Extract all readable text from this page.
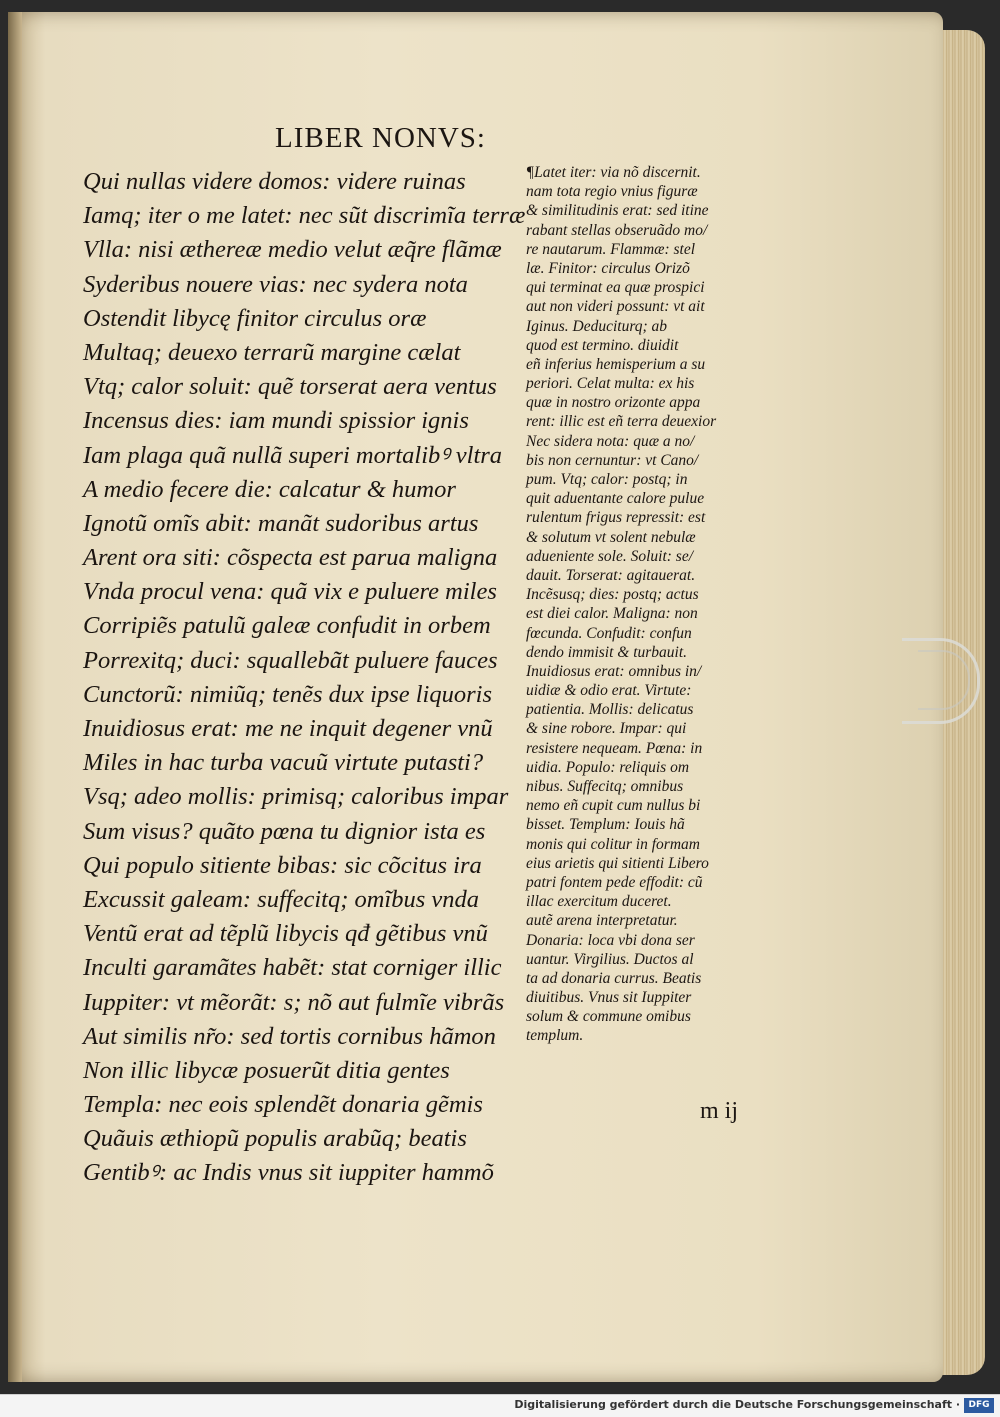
LIBER NONVS:
Qui nullas videre domos: videre ruinas
Iamq; iter o me latet: nec sũt discrimĩa terræ
Vlla: nisi æthereæ medio velut æq̃re flãmæ
Syderibus nouere vias: nec sydera nota
Ostendit libycę finitor circulus oræ
Multaq; deuexo terrarũ margine cælat
Vtq; calor soluit: quẽ torserat aera ventus
Incensus dies: iam mundi spissior ignis
Iam plaga quã nullã superi mortalibꝰ vltra
A medio fecere die: calcatur & humor
Ignotũ omĩs abit: manãt sudoribus artus
Arent ora siti: cõspecta est parua maligna
Vnda procul vena: quã vix e puluere miles
Corripiẽs patulũ galeæ confudit in orbem
Porrexitq; duci: squallebãt puluere fauces
Cunctorũ: nimiũq; tenẽs dux ipse liquoris
Inuidiosus erat: me ne inquit degener vnũ
Miles in hac turba vacuũ virtute putasti?
Vsq; adeo mollis: primisq; caloribus impar
Sum visus? quãto pœna tu dignior ista es
Qui populo sitiente bibas: sic cõcitus ira
Excussit galeam: suffecitq; omĩbus vnda
Ventũ erat ad tẽplũ libycis qđ gẽtibus vnũ
Inculti garamãtes habẽt: stat corniger illic
Iuppiter: vt mẽorãt: s; nõ aut fulmĩe vibrãs
Aut similis nr̃o: sed tortis cornibus hãmon
Non illic libycæ posuerũt ditia gentes
Templa: nec eois splendẽt donaria gẽmis
Quãuis æthiopũ populis arabũq; beatis
Gentibꝰ: ac Indis vnus sit iuppiter hammõ
¶Latet iter: via nõ discernit.
nam tota regio vnius figuræ
& similitudinis erat: sed itine
rabant stellas obseruãdo mo/
re nautarum. Flammæ: stel
læ. Finitor: circulus Orizõ
qui terminat ea quæ prospici
aut non videri possunt: vt ait
Iginus. Deduciturq; ab
quod est termino. diuidit
eñ inferius hemisperium a su
periori. Celat multa: ex his
quæ in nostro orizonte appa
rent: illic est eñ terra deuexior
Nec sidera nota: quæ a no/
bis non cernuntur: vt Cano/
pum. Vtq; calor: postq; in
quit aduentante calore pulue
rulentum frigus repressit: est
& solutum vt solent nebulæ
adueniente sole. Soluit: se/
dauit. Torserat: agitauerat.
Incẽsusq; dies: postq; actus
est diei calor. Maligna: non
fœcunda. Confudit: confun
dendo immisit & turbauit.
Inuidiosus erat: omnibus in/
uidiæ & odio erat. Virtute:
patientia. Mollis: delicatus
& sine robore. Impar: qui
resistere nequeam. Pœna: in
uidia. Populo: reliquis om
nibus. Suffecitq; omnibus
nemo eñ cupit cum nullus bi
bisset. Templum: Iouis hã
monis qui colitur in formam
eius arietis qui sitienti Libero
patri fontem pede effodit: cũ
illac exercitum duceret.
autẽ arena interpretatur.
Donaria: loca vbi dona ser
uantur. Virgilius. Ductos al
ta ad donaria currus. Beatis
diuitibus. Vnus sit Iuppiter
solum & commune omibus
templum.
m ij
Digitalisierung gefördert durch die Deutsche Forschungsgemeinschaft · DFG
